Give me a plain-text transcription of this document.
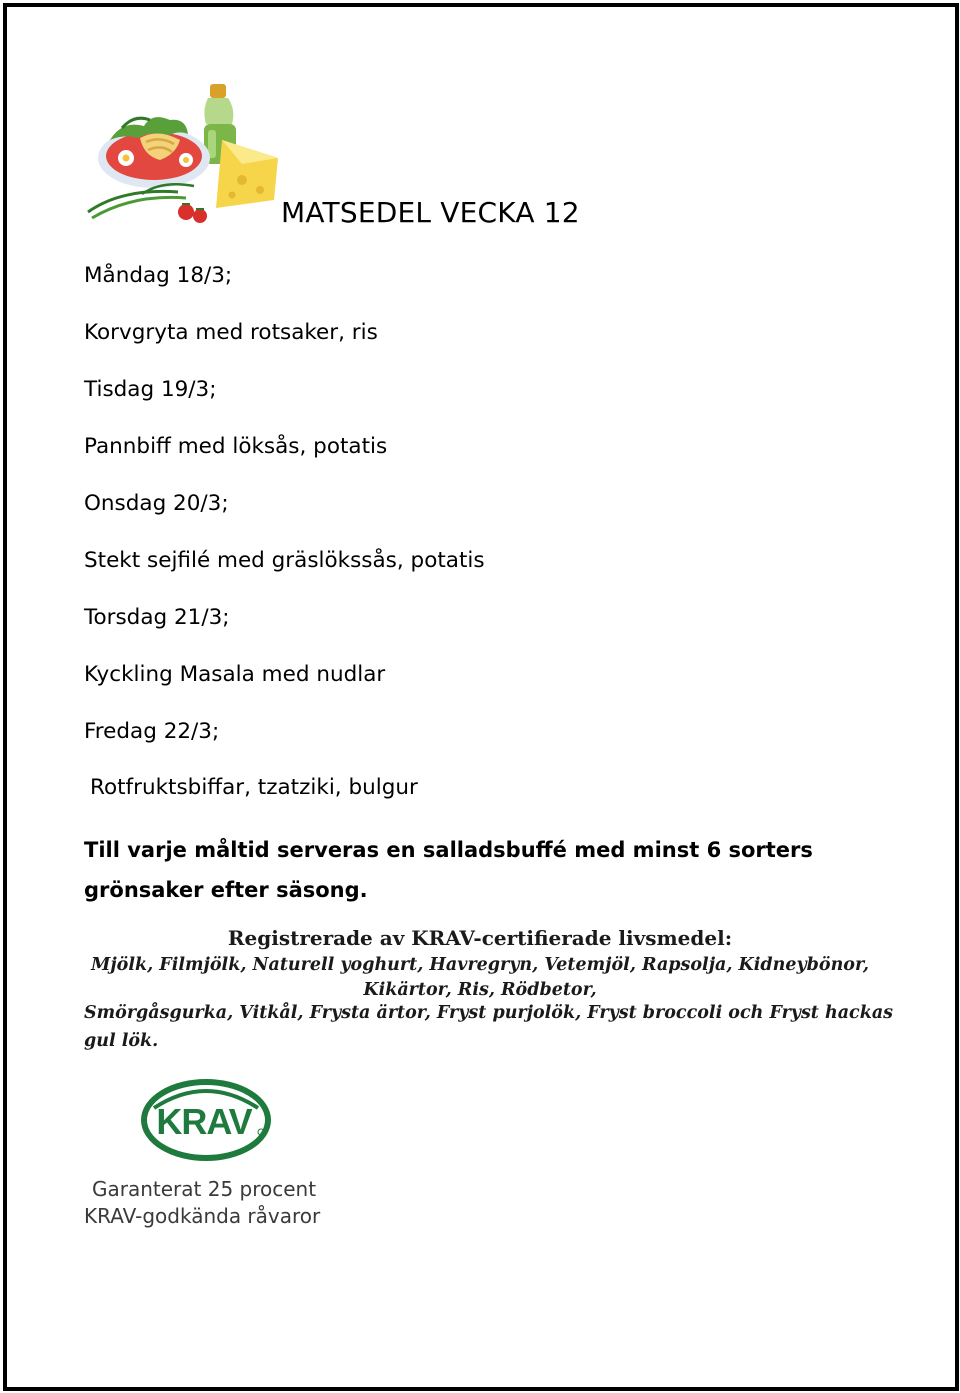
MATSEDEL VECKA 12
Måndag 18/3;
Korvgryta med rotsaker, ris
Tisdag 19/3;
Pannbiff med löksås, potatis
Onsdag 20/3;
Stekt sejfilé med gräslökssås, potatis
Torsdag 21/3;
Kyckling Masala med nudlar
Fredag 22/3;
Rotfruktsbiffar, tzatziki, bulgur
Till varje måltid serveras en salladsbuffé med minst 6 sorters grönsaker efter säsong.
Registrerade av KRAV-certifierade livsmedel:
Mjölk, Filmjölk, Naturell yoghurt, Havregryn, Vetemjöl, Rapsolja, Kidneybönor,
Kikärtor, Ris, Rödbetor,
Smörgåsgurka, Vitkål, Frysta ärtor, Fryst purjolök, Fryst broccoli och Fryst hackas
gul lök.
KRAV
Garanterat 25 procent
KRAV-godkända råvaror
